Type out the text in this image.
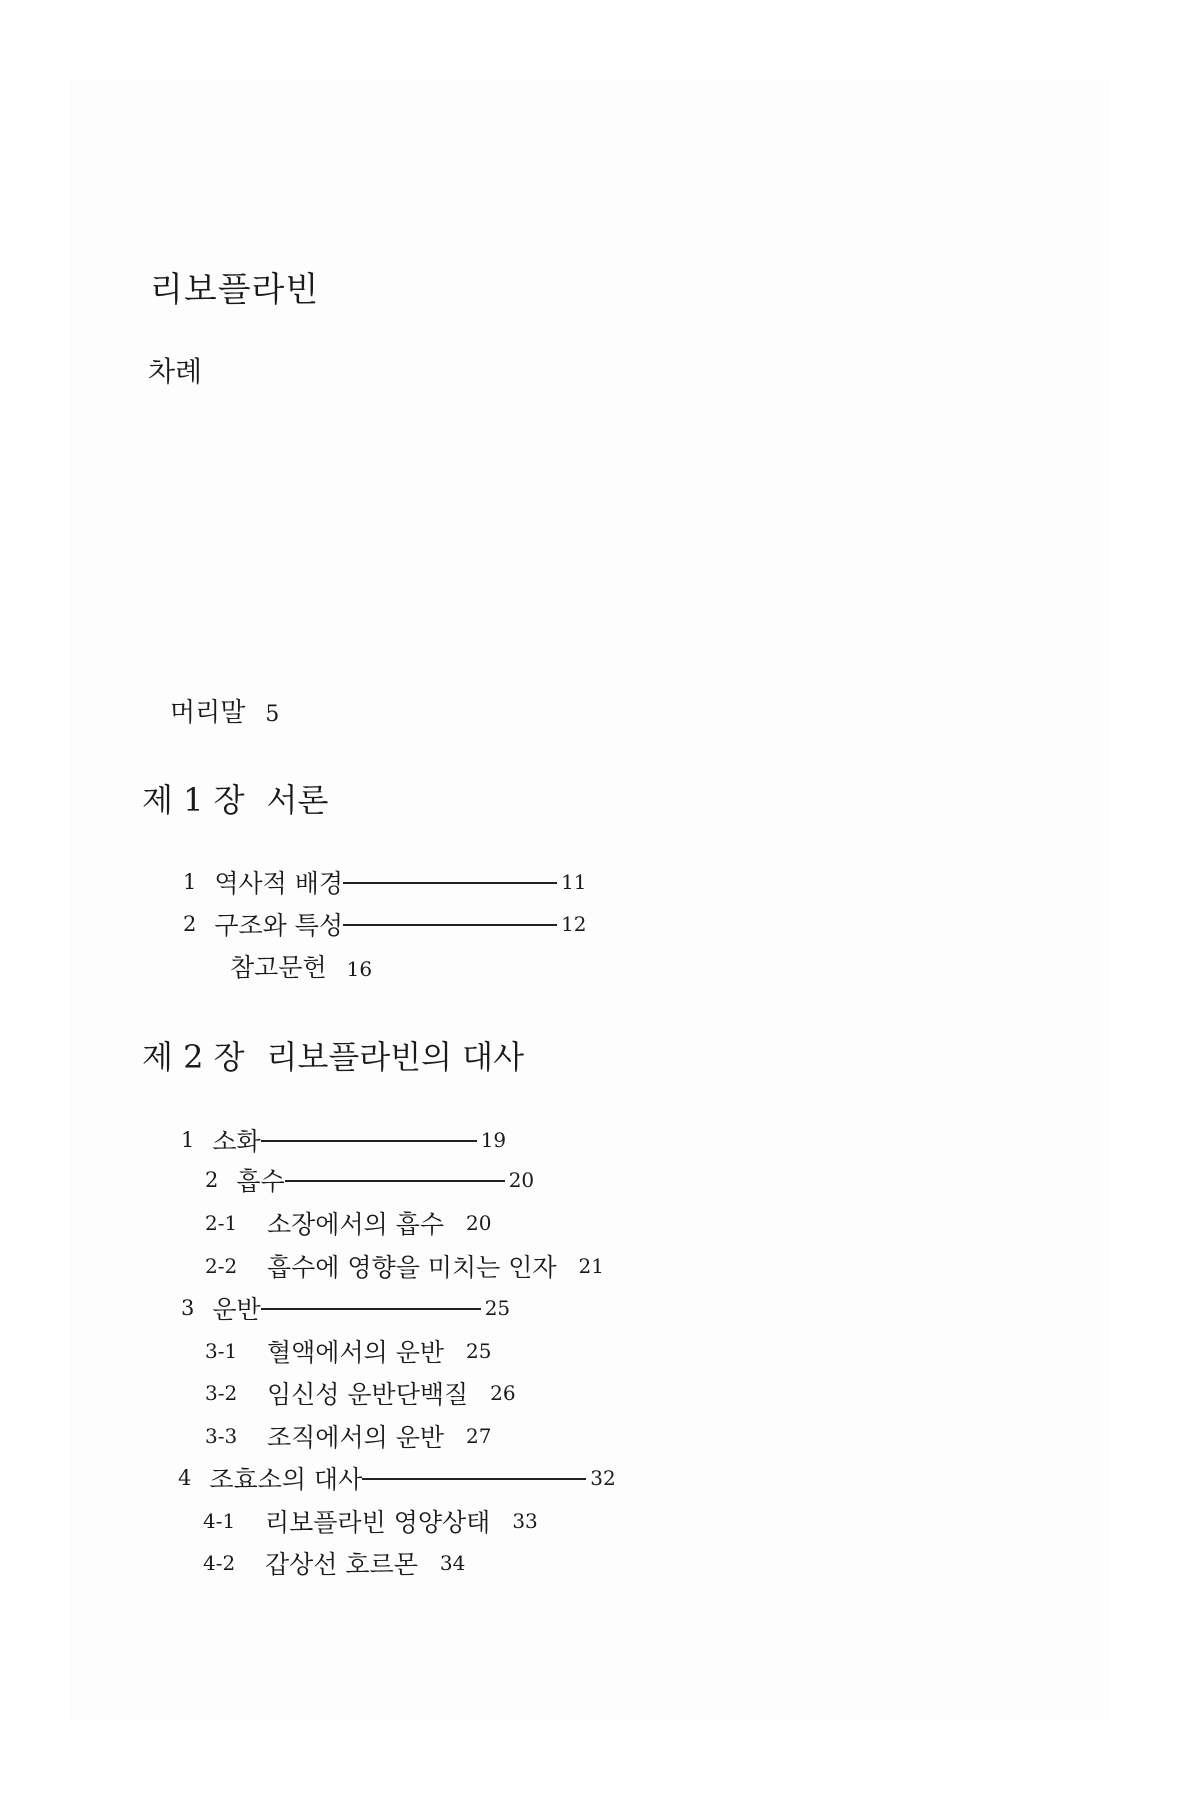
리보플라빈
차례
머리말 5
제 1 장 서론
1 역사적 배경	11
2 구조와 특성	12
참고문헌 16
제 2 장 리보플라빈의 대사
1 소화	19
2 흡수	20
2-1	소장에서의 흡수 20
2-2	흡수에 영향을 미치는 인자 21
3 운반	25
3-1	혈액에서의 운반 25
3-2	임신성 운반단백질 26
3-3	조직에서의 운반 27
4 조효소의 대사	32
4-1	리보플라빈 영양상태 33
4-2	갑상선 호르몬 34
